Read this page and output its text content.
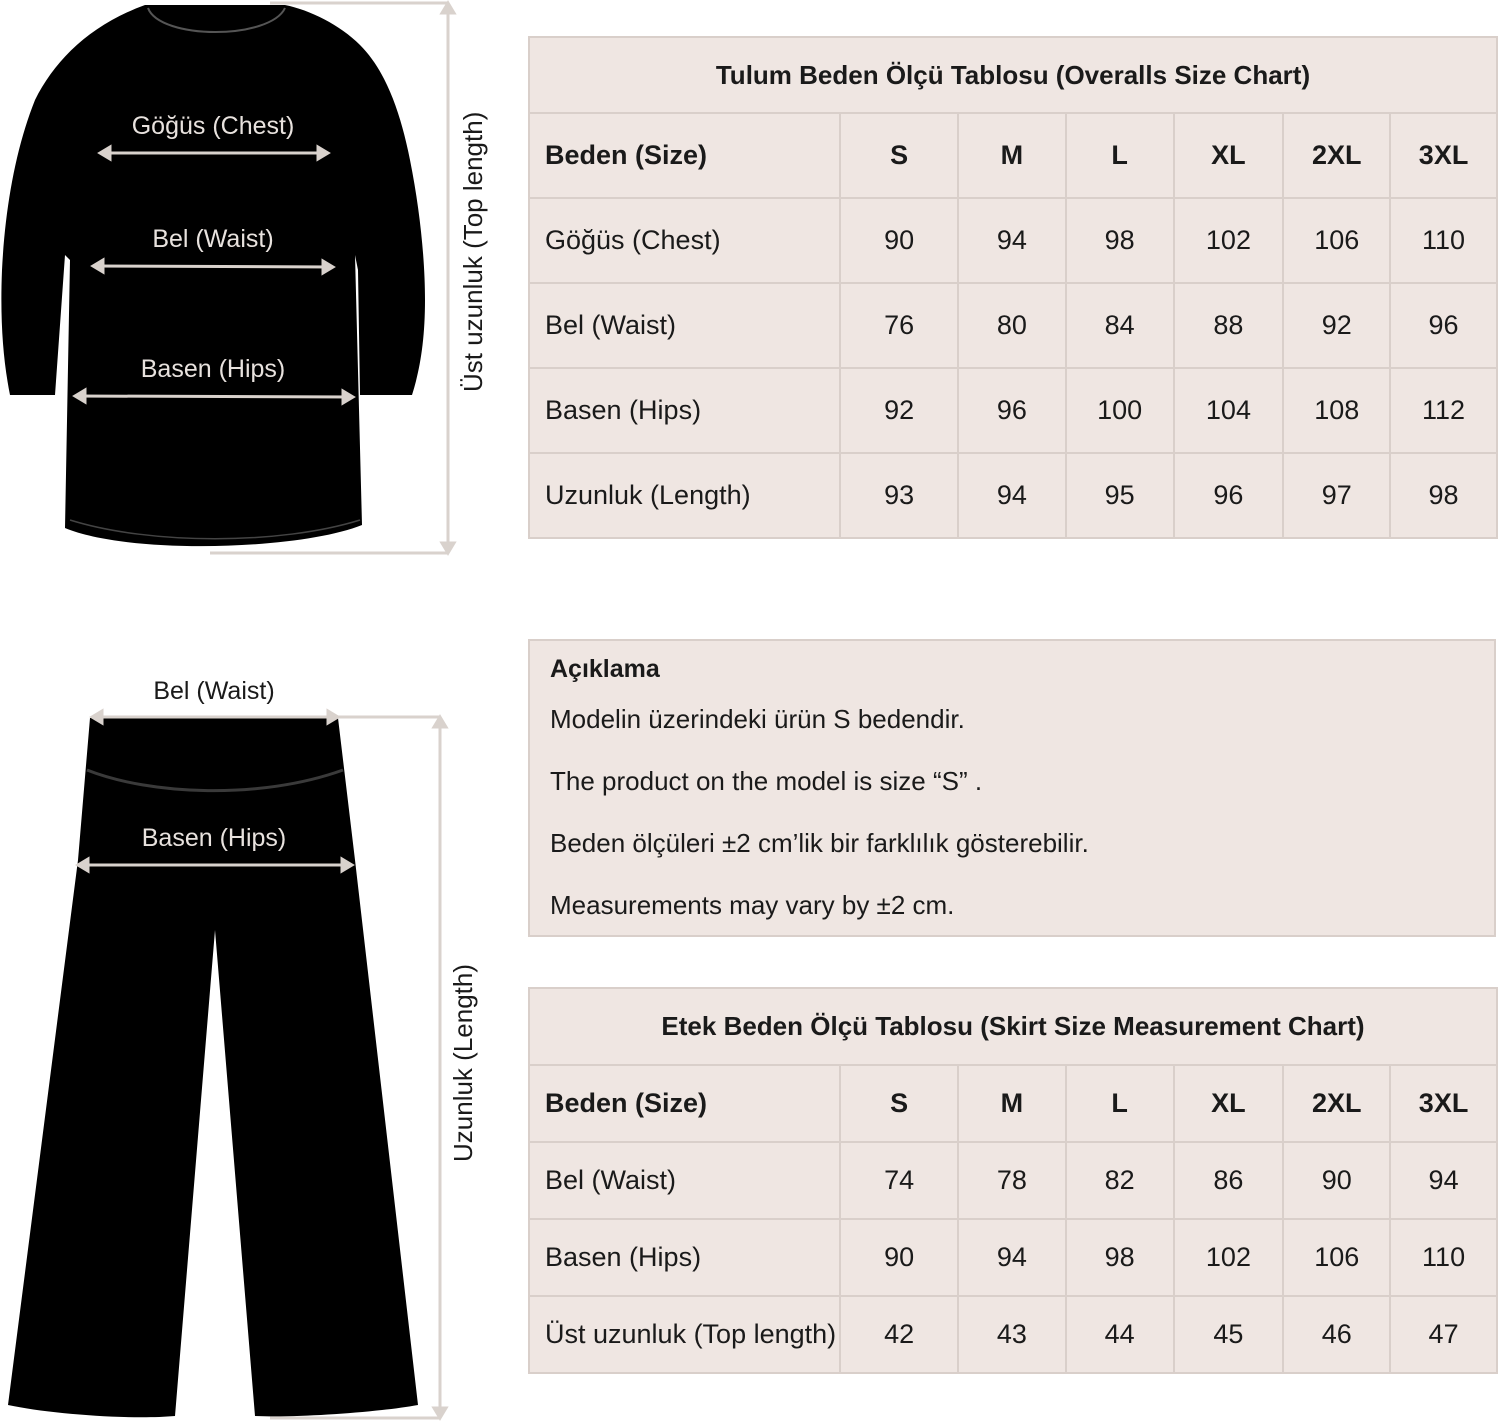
Göğüs (Chest)
Bel (Waist)
Basen (Hips)	Üst uzunluk (Top length)
Bel (Waist)
Basen (Hips)
Uzunluk (Length)
Tulum Beden Ölçü Tablosu (Overalls Size Chart)						
Beden (Size)	S	M	L	XL	2XL	3XL
Göğüs (Chest)	90	94	98	102	106	110
Bel (Waist)	76	80	84	88	92	96
Basen (Hips)	92	96	100	104	108	112
Uzunluk (Length)	93	94	95	96	97	98
Açıklama
Modelin üzerindeki ürün S bedendir.
The product on the model is size “S” .
Beden ölçüleri ±2 cm’lik bir farklılık gösterebilir.
Measurements may vary by ±2 cm.
Etek Beden Ölçü Tablosu (Skirt Size Measurement Chart)						
Beden (Size)	S	M	L	XL	2XL	3XL
Bel (Waist)	74	78	82	86	90	94
Basen (Hips)	90	94	98	102	106	110
Üst uzunluk (Top length)	42	43	44	45	46	47
